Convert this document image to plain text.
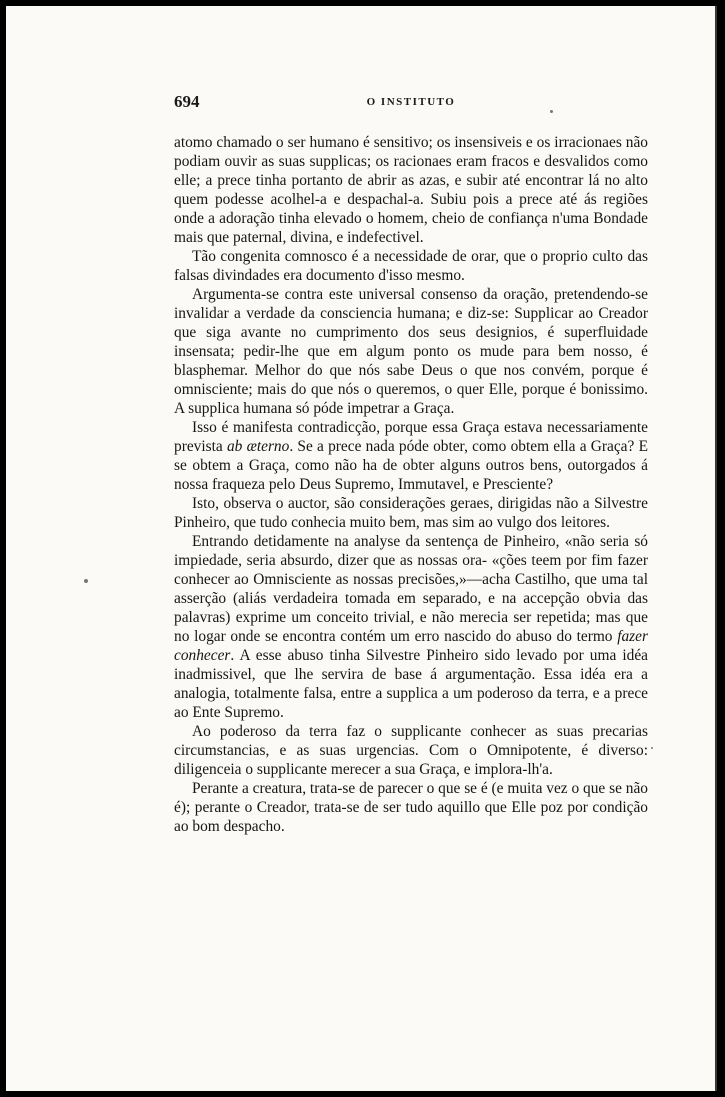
694	O INSTITUTO

atomo chamado o ser humano é sensitivo; os insensiveis e os irracionaes não podiam ouvir as suas supplicas; os racionaes eram fracos e desvalidos como elle; a prece tinha portanto de abrir as azas, e subir até encontrar lá no alto quem podesse acolhel-a e despachal-a. Subiu pois a prece até ás regiões onde a adoração tinha elevado o homem, cheio de confiança n'uma Bondade mais que paternal, divina, e indefectivel.

Tão congenita comnosco é a necessidade de orar, que o proprio culto das falsas divindades era documento d'isso mesmo.

Argumenta-se contra este universal consenso da oração, pretendendo-se invalidar a verdade da consciencia humana; e diz-se: Supplicar ao Creador que siga avante no cumprimento dos seus designios, é superfluidade insensata; pedir-lhe que em algum ponto os mude para bem nosso, é blasphemar. Melhor do que nós sabe Deus o que nos convém, porque é omnisciente; mais do que nós o queremos, o quer Elle, porque é bonissimo. A supplica humana só póde impetrar a Graça.

Isso é manifesta contradicção, porque essa Graça estava necessariamente prevista ab æterno. Se a prece nada póde obter, como obtem ella a Graça? E se obtem a Graça, como não ha de obter alguns outros bens, outorgados á nossa fraqueza pelo Deus Supremo, Immutavel, e Presciente?

Isto, observa o auctor, são considerações geraes, dirigidas não a Silvestre Pinheiro, que tudo conhecia muito bem, mas sim ao vulgo dos leitores.

Entrando detidamente na analyse da sentença de Pinheiro, «não seria só impiedade, seria absurdo, dizer que as nossas ora- «ções teem por fim fazer conhecer ao Omnisciente as nossas precisões,»—acha Castilho, que uma tal asserção (aliás verdadeira tomada em separado, e na accepção obvia das palavras) exprime um conceito trivial, e não merecia ser repetida; mas que no logar onde se encontra contém um erro nascido do abuso do termo fazer conhecer. A esse abuso tinha Silvestre Pinheiro sido levado por uma idéa inadmissivel, que lhe servira de base á argumentação. Essa idéa era a analogia, totalmente falsa, entre a supplica a um poderoso da terra, e a prece ao Ente Supremo.

Ao poderoso da terra faz o supplicante conhecer as suas precarias circumstancias, e as suas urgencias. Com o Omnipotente, é diverso: diligenceia o supplicante merecer a sua Graça, e implora-lh'a.

Perante a creatura, trata-se de parecer o que se é (e muita vez o que se não é); perante o Creador, trata-se de ser tudo aquillo que Elle poz por condição ao bom despacho.
